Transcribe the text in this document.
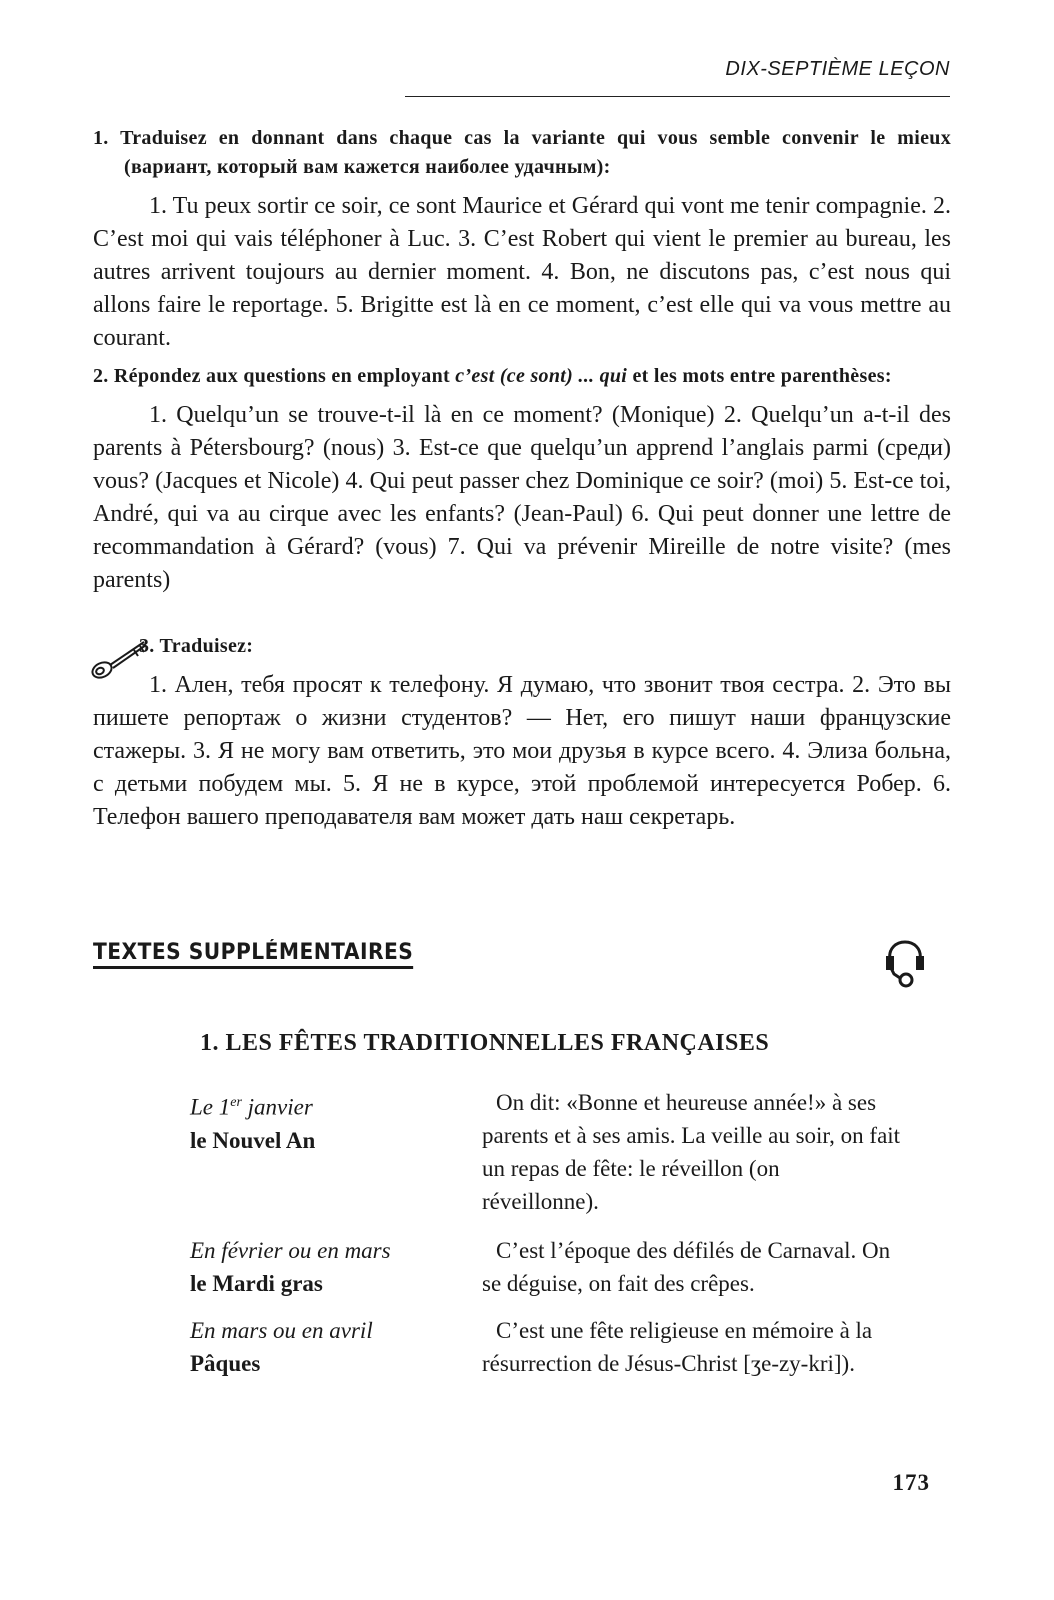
DIX-SEPTIÈME LEÇON
1. Traduisez en donnant dans chaque cas la variante qui vous semble convenir le mieux (вариант, который вам кажется наиболее удачным):
1. Tu peux sortir ce soir, ce sont Maurice et Gérard qui vont me tenir compagnie. 2. C’est moi qui vais téléphoner à Luc. 3. C’est Robert qui vient le premier au bureau, les autres arrivent toujours au dernier moment. 4. Bon, ne discutons pas, c’est nous qui allons faire le reportage. 5. Brigitte est là en ce moment, c’est elle qui va vous mettre au courant.
2. Répondez aux questions en employant c’est (ce sont) ... qui et les mots entre parenthèses:
1. Quelqu’un se trouve-t-il là en ce moment? (Monique) 2. Quelqu’un a-t-il des parents à Pétersbourg? (nous) 3. Est-ce que quelqu’un apprend l’anglais parmi (среди) vous? (Jacques et Nicole) 4. Qui peut passer chez Dominique ce soir? (moi) 5. Est-ce toi, André, qui va au cirque avec les enfants? (Jean-Paul) 6. Qui peut donner une lettre de recommandation à Gérard? (vous) 7. Qui va prévenir Mireille de notre visite? (mes parents)
3. Traduisez:
1. Ален, тебя просят к телефону. Я думаю, что звонит твоя сестра. 2. Это вы пишете репортаж о жизни студентов? — Нет, его пишут наши французские стажеры. 3. Я не могу вам ответить, это мои друзья в курсе всего. 4. Элиза больна, с детьми побудем мы. 5. Я не в курсе, этой проблемой интересуется Робер. 6. Телефон вашего преподавателя вам может дать наш секретарь.
TEXTES SUPPLÉMENTAIRES
1. LES FÊTES TRADITIONNELLES FRANÇAISES
Le 1er janvier
le Nouvel An
On dit: «Bonne et heureuse année!» à ses parents et à ses amis. La veille au soir, on fait un repas de fête: le réveillon (on réveillonne).
En février ou en mars
le Mardi gras
C’est l’époque des défilés de Carnaval. On se déguise, on fait des crêpes.
En mars ou en avril
Pâques
C’est une fête religieuse en mémoire à la résurrection de Jésus-Christ [ʒe-zy-kri]).
173
